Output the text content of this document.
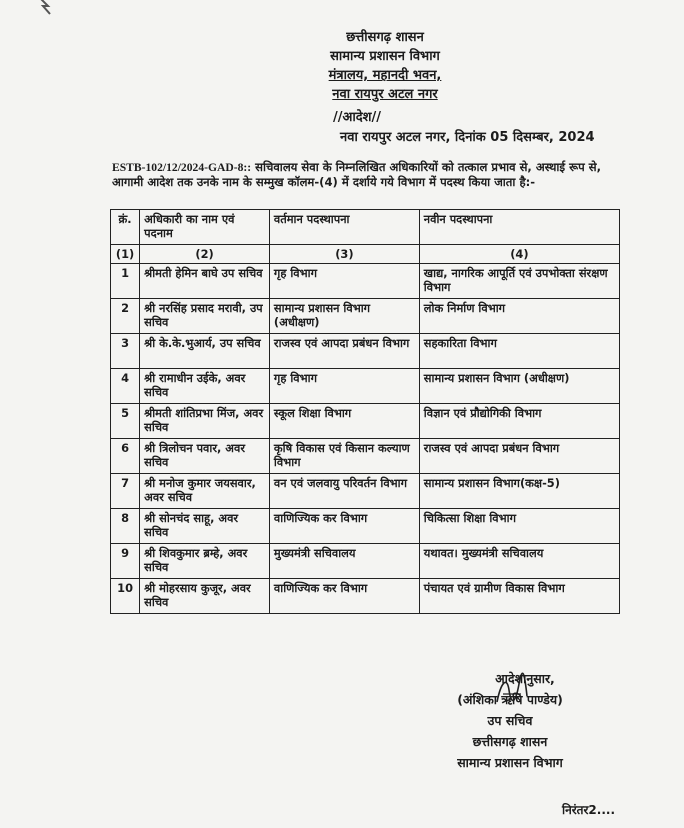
छत्तीसगढ़ शासन
सामान्य प्रशासन विभाग
मंत्रालय, महानदी भवन,
नवा रायपुर अटल नगर
//आदेश//
नवा रायपुर अटल नगर, दिनांक 05 दिसम्बर, 2024
ESTB-102/12/2024-GAD-8:: सचिवालय सेवा के निम्नलिखित अधिकारियों को तत्काल प्रभाव से, अस्थाई रूप से, आगामी आदेश तक उनके नाम के सम्मुख कॉलम-(4) में दर्शाये गये विभाग में पदस्थ किया जाता है:-
क्रं.	अधिकारी का नाम एवं पदनाम	वर्तमान पदस्थापना	नवीन पदस्थापना
(1)	(2)	(3)	(4)
1	श्रीमती हेमिन बाघे उप सचिव	गृह विभाग	खाद्य, नागरिक आपूर्ति एवं उपभोक्ता संरक्षण विभाग
2	श्री नरसिंह प्रसाद मरावी, उप सचिव	सामान्य प्रशासन विभाग (अधीक्षण)	लोक निर्माण विभाग
3	श्री के.के.भुआर्य, उप सचिव	राजस्व एवं आपदा प्रबंधन विभाग	सहकारिता विभाग
4	श्री रामाधीन उईके, अवर सचिव	गृह विभाग	सामान्य प्रशासन विभाग (अधीक्षण)
5	श्रीमती शांतिप्रभा मिंज, अवर सचिव	स्कूल शिक्षा विभाग	विज्ञान एवं प्रौद्योगिकी विभाग
6	श्री त्रिलोचन पवार, अवर सचिव	कृषि विकास एवं किसान कल्याण विभाग	राजस्व एवं आपदा प्रबंधन विभाग
7	श्री मनोज कुमार जयसवार, अवर सचिव	वन एवं जलवायु परिवर्तन विभाग	सामान्य प्रशासन विभाग(कक्ष-5)
8	श्री सोनचंद साहू, अवर सचिव	वाणिज्यिक कर विभाग	चिकित्सा शिक्षा विभाग
9	श्री शिवकुमार ब्रम्हे, अवर सचिव	मुख्यमंत्री सचिवालय	यथावत। मुख्यमंत्री सचिवालय
10	श्री मोहरसाय कुजूर, अवर सचिव	वाणिज्यिक कर विभाग	पंचायत एवं ग्रामीण विकास विभाग
आदेशानुसार,
(अंशिका ऋषि पाण्डेय)
उप सचिव
छत्तीसगढ़ शासन
सामान्य प्रशासन विभाग
निरंतर2....
